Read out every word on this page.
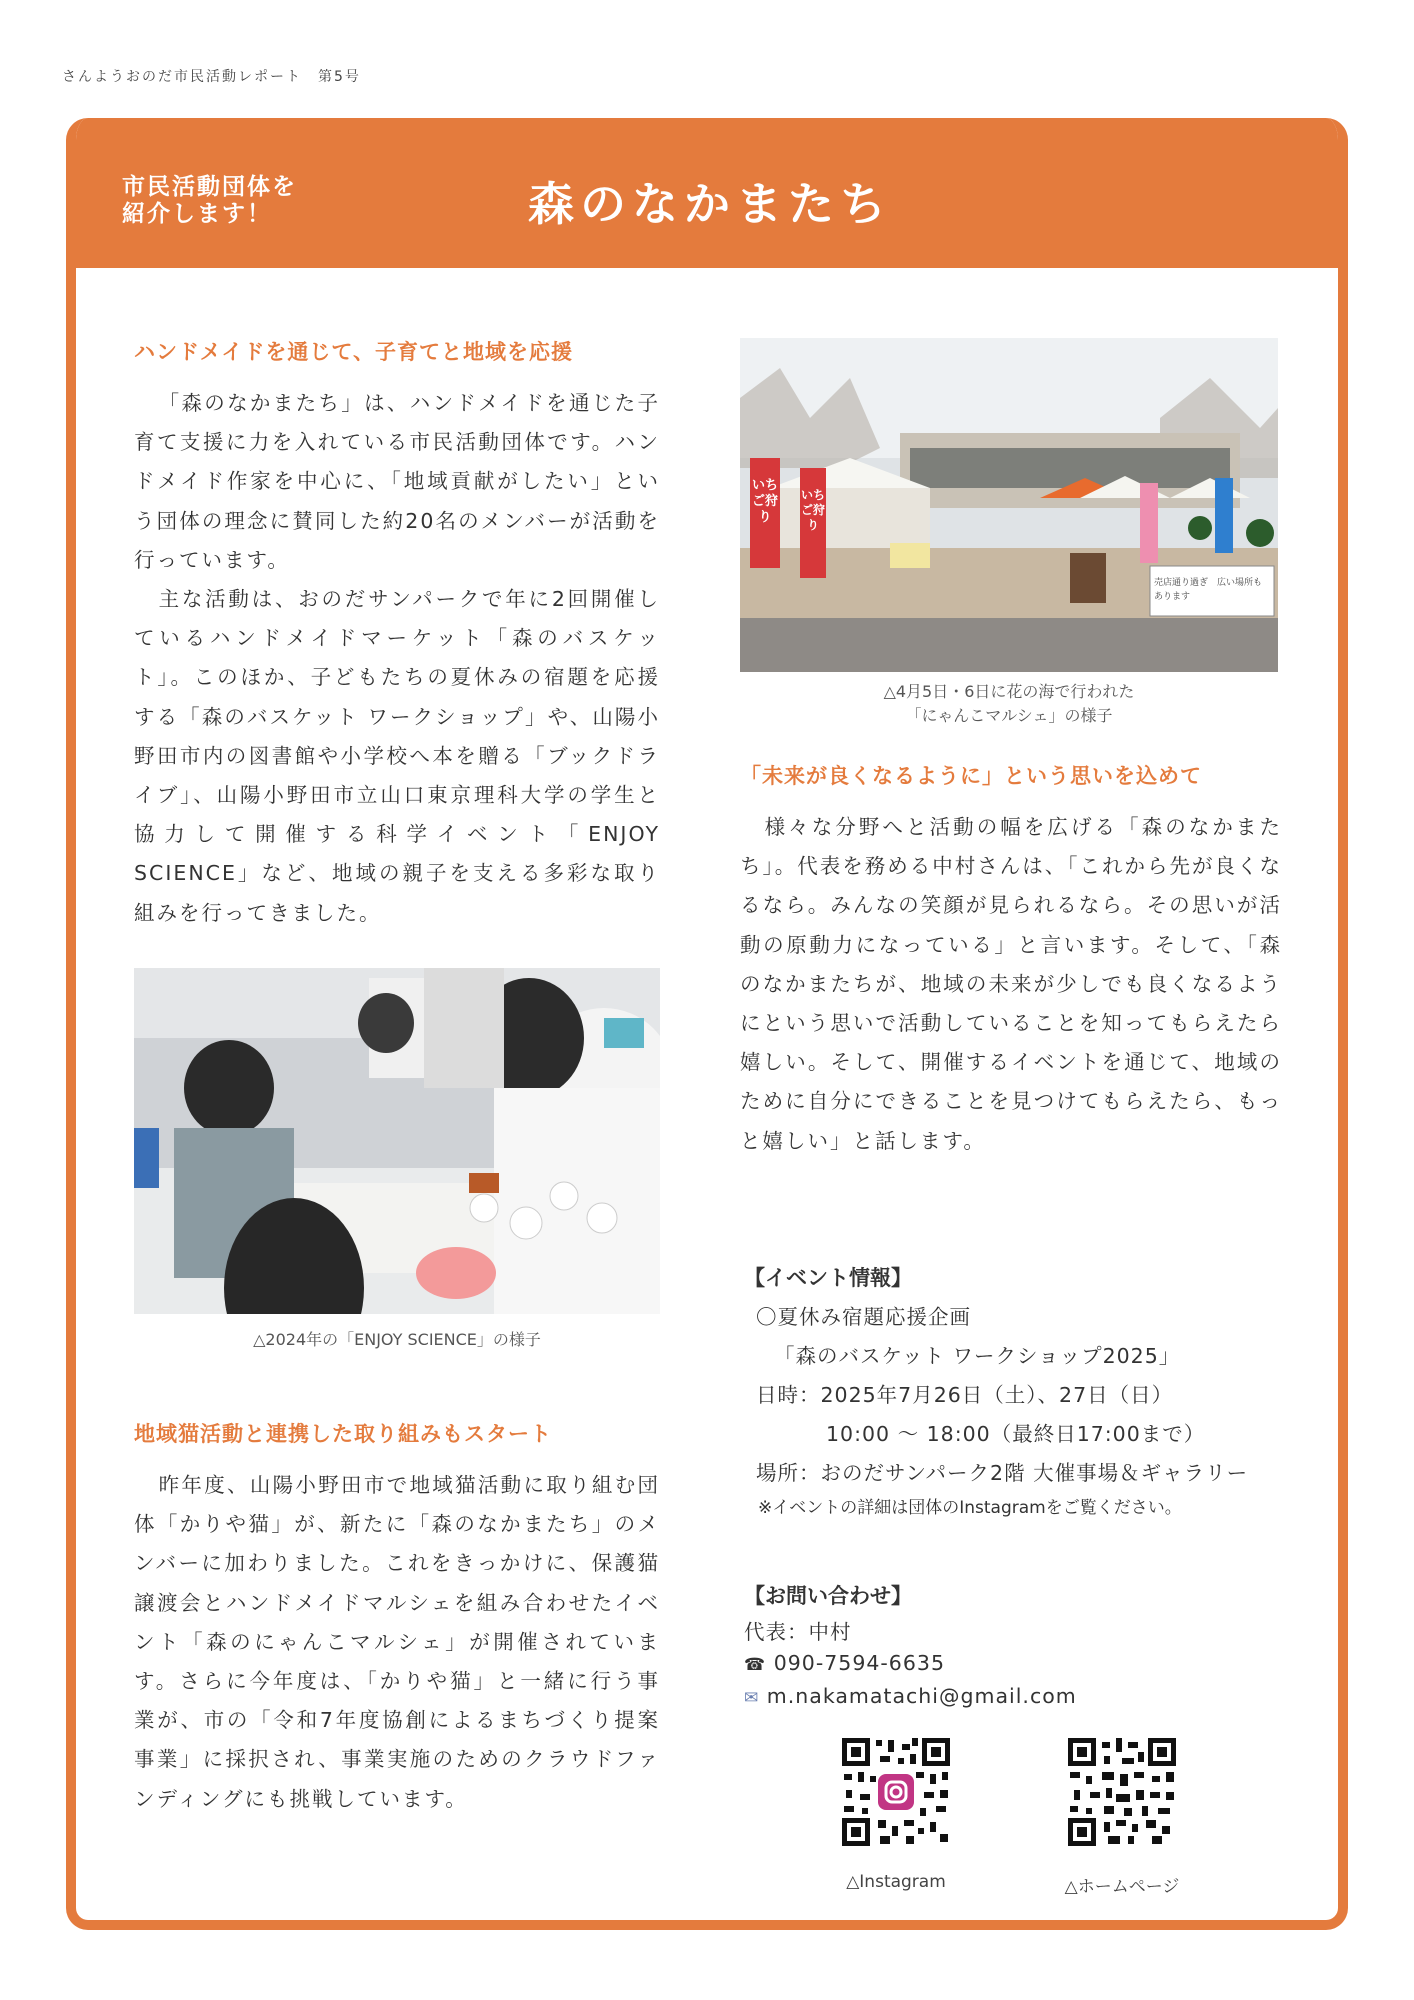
さんようおのだ市民活動レポート　第5号
市民活動団体を
紹介します！	森のなかまたち
ハンドメイドを通じて、子育てと地域を応援

「森のなかまたち」は、ハンドメイドを通じた子育て支援に力を入れている市民活動団体です。ハンドメイド作家を中心に、「地域貢献がしたい」という団体の理念に賛同した約20名のメンバーが活動を行っています。

主な活動は、おのだサンパークで年に2回開催しているハンドメイドマーケット「森のバスケット」。このほか、子どもたちの夏休みの宿題を応援する「森のバスケット ワークショップ」や、山陽小野田市内の図書館や小学校へ本を贈る「ブックドライブ」、山陽小野田市立山口東京理科大学の学生と協力して開催する科学イベント「ENJOY SCIENCE」など、地域の親子を支える多彩な取り組みを行ってきました。

△2024年の「ENJOY SCIENCE」の様子
地域猫活動と連携した取り組みもスタート

昨年度、山陽小野田市で地域猫活動に取り組む団体「かりや猫」が、新たに「森のなかまたち」のメンバーに加わりました。これをきっかけに、保護猫譲渡会とハンドメイドマルシェを組み合わせたイベント「森のにゃんこマルシェ」が開催されています。さらに今年度は、「かりや猫」と一緒に行う事業が、市の「令和7年度協創によるまちづくり提案事業」に採択され、事業実施のためのクラウドファンディングにも挑戦しています。

いちご狩り
いちご狩り
売店通り過ぎ　広い場所もあります
△4月5日・6日に花の海で行われた
「にゃんこマルシェ」の様子
「未来が良くなるように」という思いを込めて

様々な分野へと活動の幅を広げる「森のなかまたち」。代表を務める中村さんは、「これから先が良くなるなら。みんなの笑顔が見られるなら。その思いが活動の原動力になっている」と言います。そして、「森のなかまたちが、地域の未来が少しでも良くなるようにという思いで活動していることを知ってもらえたら嬉しい。そして、開催するイベントを通じて、地域のために自分にできることを見つけてもらえたら、もっと嬉しい」と話します。

【イベント情報】
〇夏休み宿題応援企画
「森のバスケット ワークショップ2025」
日時：2025年7月26日（土）、27日（日）
10:00 ～ 18:00（最終日17:00まで）
場所：おのだサンパーク2階 大催事場＆ギャラリー
※イベントの詳細は団体のInstagramをご覧ください。
【お問い合わせ】
代表：中村
☎ 090-7594-6635
✉ m.nakamatachi@gmail.com
△Instagram	△ホームページ
